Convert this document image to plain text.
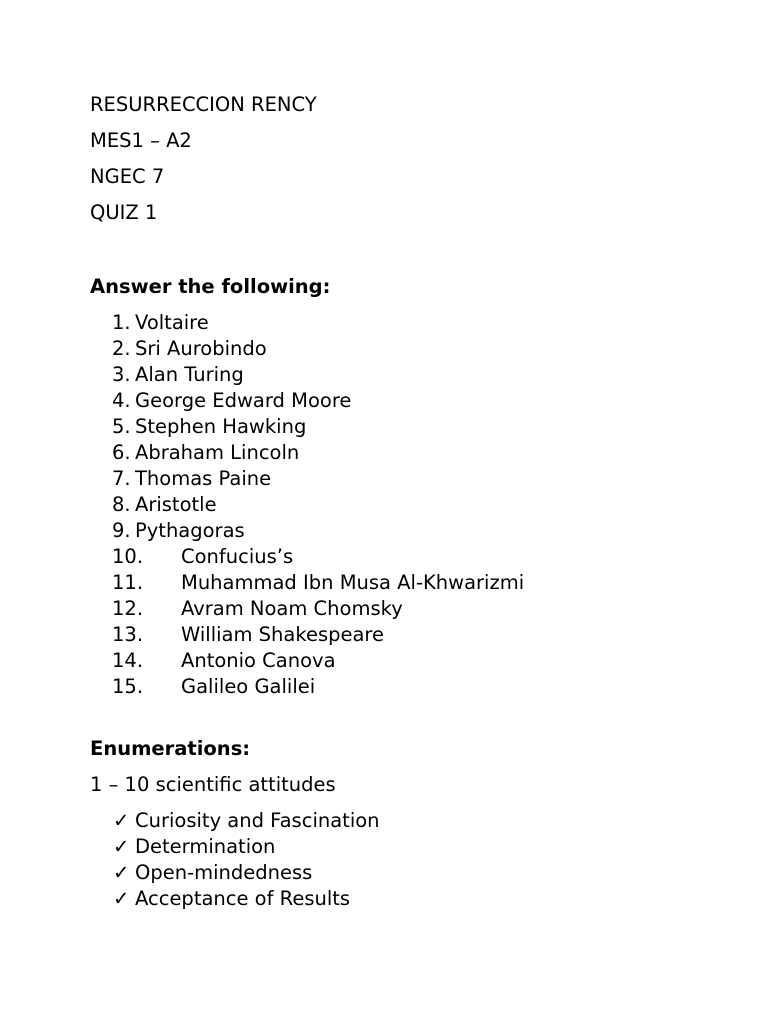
RESURRECCION RENCY
MES1 – A2
NGEC 7
QUIZ 1
Answer the following:
1. Voltaire
2. Sri Aurobindo
3. Alan Turing
4. George Edward Moore
5. Stephen Hawking
6. Abraham Lincoln
7. Thomas Paine
8. Aristotle
9. Pythagoras
10. Confucius’s
11. Muhammad Ibn Musa Al-Khwarizmi
12. Avram Noam Chomsky
13. William Shakespeare
14. Antonio Canova
15. Galileo Galilei
Enumerations:
1 – 10 scientific attitudes
✓ Curiosity and Fascination
✓ Determination
✓ Open-mindedness
✓ Acceptance of Results
